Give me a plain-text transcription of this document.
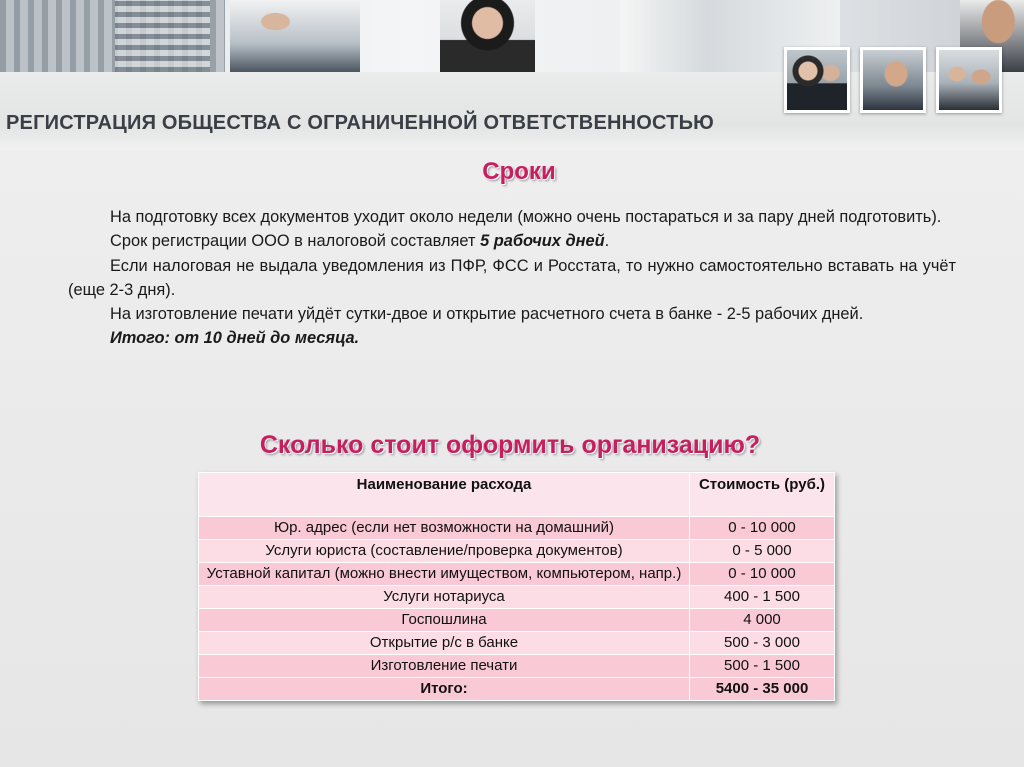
РЕГИСТРАЦИЯ ОБЩЕСТВА С ОГРАНИЧЕННОЙ ОТВЕТСТВЕННОСТЬЮ
Сроки

На подготовку всех документов уходит около недели (можно очень постараться и за пару дней подготовить).

Срок регистрации ООО в налоговой составляет 5 рабочих дней.

Если налоговая не выдала уведомления из ПФР, ФСС и Росстата, то нужно самостоятельно вставать на учёт (еще 2-3 дня).

На изготовление печати уйдёт сутки-двое и открытие расчетного счета в банке - 2-5 рабочих дней.

Итого: от 10 дней до месяца.

Сколько стоит оформить организацию?
Наименование расхода	Стоимость (руб.)
Юр. адрес (если нет возможности на домашний)	0 - 10 000
Услуги юриста (составление/проверка документов)	0 - 5 000
Уставной капитал (можно внести имуществом, компьютером, напр.)	0 - 10 000
Услуги нотариуса	400 - 1 500
Госпошлина	4 000
Открытие р/с в банке	500 - 3 000
Изготовление печати	500 - 1 500
Итого:	5400 - 35 000
